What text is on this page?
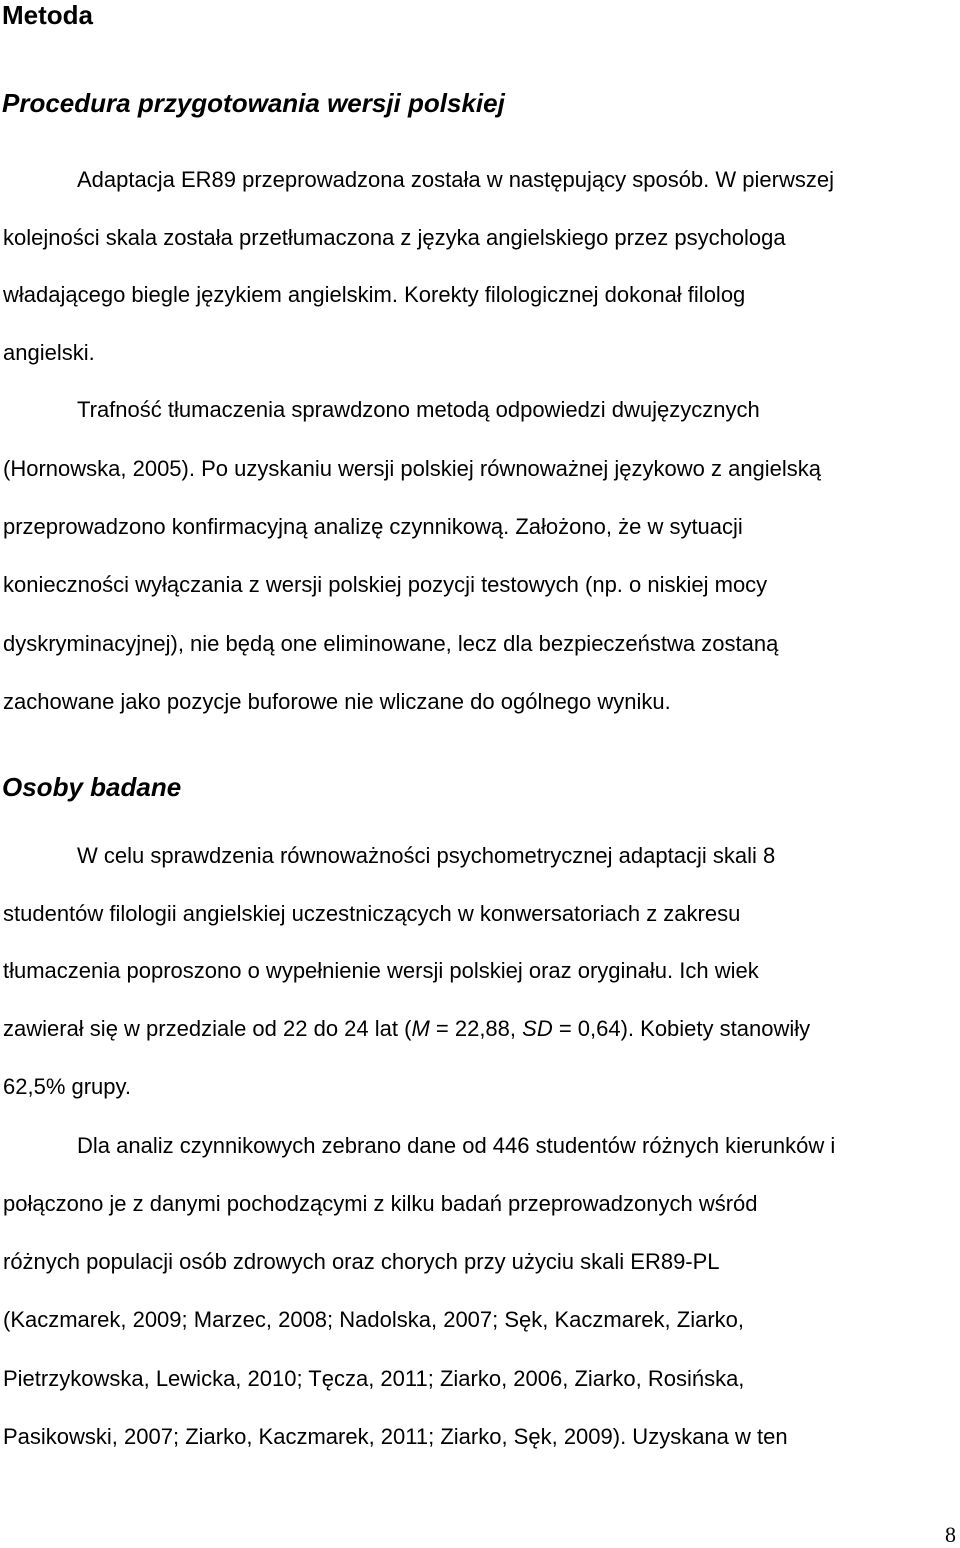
Metoda
Procedura przygotowania wersji polskiej
Adaptacja ER89 przeprowadzona została w następujący sposób. W pierwszej
kolejności skala została przetłumaczona z języka angielskiego przez psychologa
władającego biegle językiem angielskim. Korekty filologicznej dokonał filolog
angielski.
Trafność tłumaczenia sprawdzono metodą odpowiedzi dwujęzycznych
(Hornowska, 2005). Po uzyskaniu wersji polskiej równoważnej językowo z angielską
przeprowadzono konfirmacyjną analizę czynnikową. Założono, że w sytuacji
konieczności wyłączania z wersji polskiej pozycji testowych (np. o niskiej mocy
dyskryminacyjnej), nie będą one eliminowane, lecz dla bezpieczeństwa zostaną
zachowane jako pozycje buforowe nie wliczane do ogólnego wyniku.
Osoby badane
W celu sprawdzenia równoważności psychometrycznej adaptacji skali 8
studentów filologii angielskiej uczestniczących w konwersatoriach z zakresu
tłumaczenia poproszono o wypełnienie wersji polskiej oraz oryginału. Ich wiek
zawierał się w przedziale od 22 do 24 lat (M = 22,88, SD = 0,64). Kobiety stanowiły
62,5% grupy.
Dla analiz czynnikowych zebrano dane od 446 studentów różnych kierunków i
połączono je z danymi pochodzącymi z kilku badań przeprowadzonych wśród
różnych populacji osób zdrowych oraz chorych przy użyciu skali ER89-PL
(Kaczmarek, 2009; Marzec, 2008; Nadolska, 2007; Sęk, Kaczmarek, Ziarko,
Pietrzykowska, Lewicka, 2010; Tęcza, 2011; Ziarko, 2006, Ziarko, Rosińska,
Pasikowski, 2007; Ziarko, Kaczmarek, 2011; Ziarko, Sęk, 2009). Uzyskana w ten
8
